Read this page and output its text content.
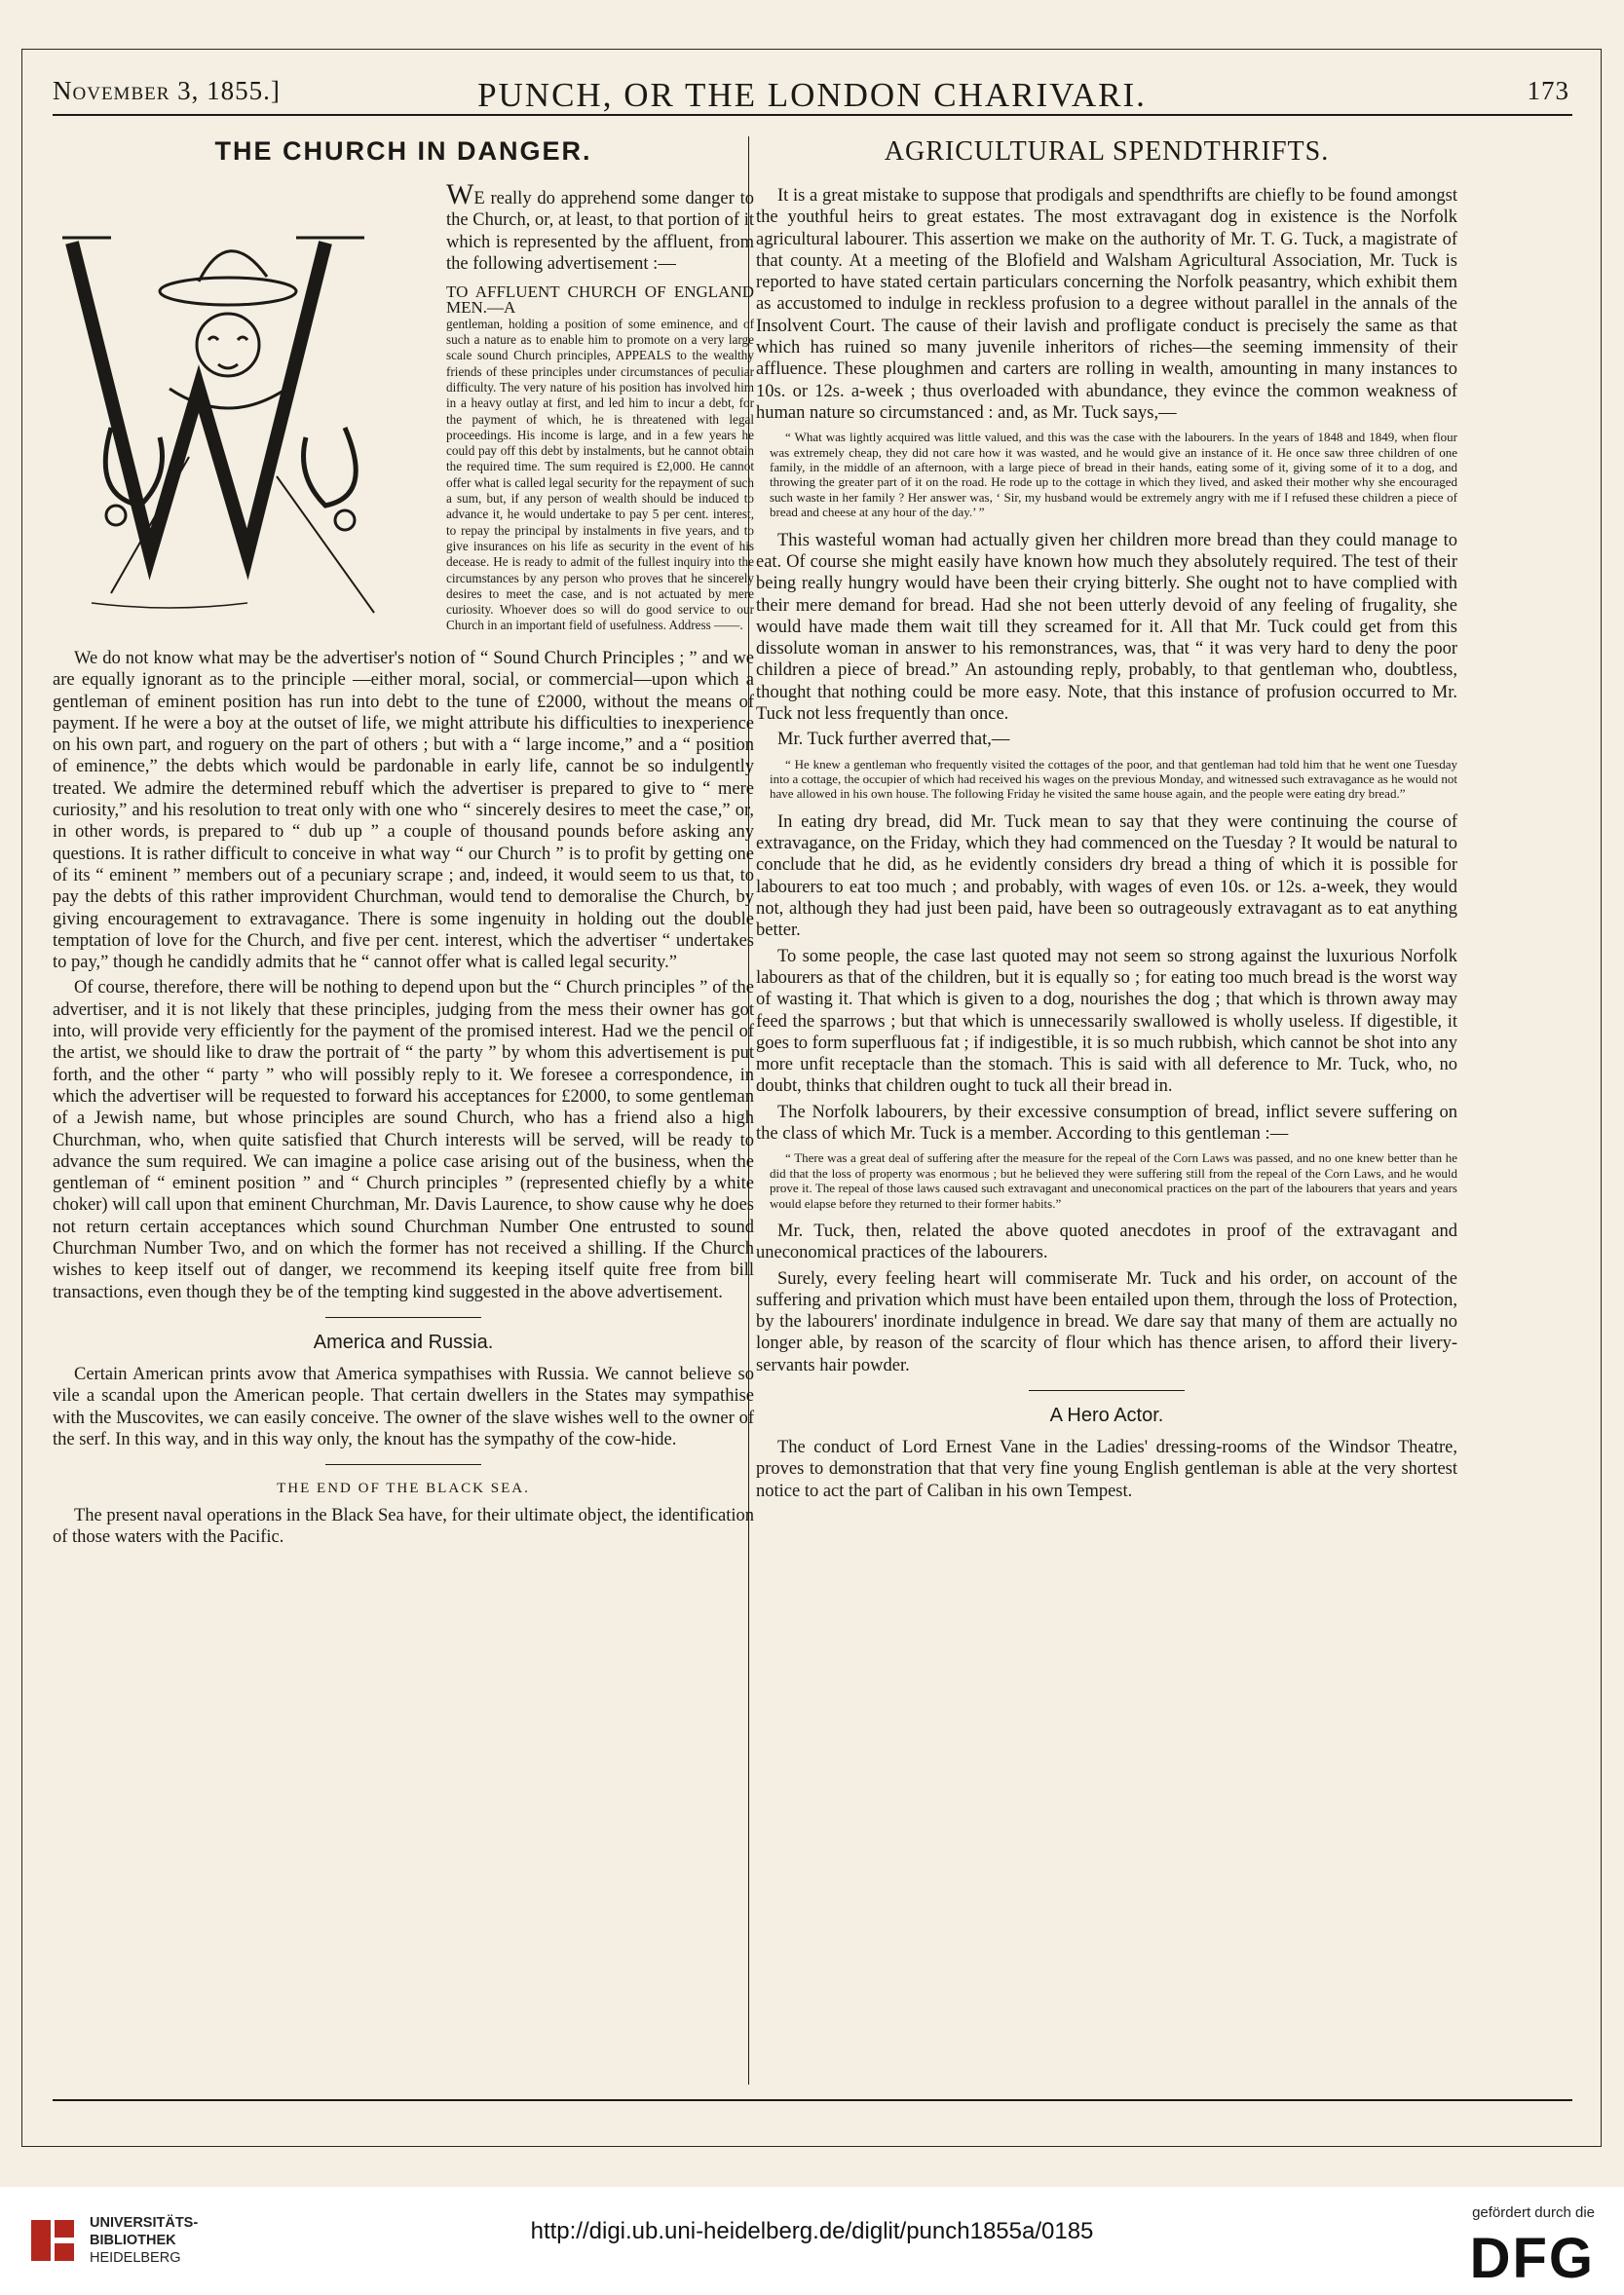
November 3, 1855.]	PUNCH, OR THE LONDON CHARIVARI.	173
THE CHURCH IN DANGER.

WE really do apprehend some danger to the Church, or, at least, to that portion of it which is represented by the affluent, from the following advertisement :—

TO AFFLUENT CHURCH OF ENGLAND MEN.—A

gentleman, holding a position of some eminence, and of such a nature as to enable him to promote on a very large scale sound Church principles, APPEALS to the wealthy friends of these principles under circumstances of peculiar difficulty. The very nature of his position has involved him in a heavy outlay at first, and led him to incur a debt, for the payment of which, he is threatened with legal proceedings. His income is large, and in a few years he could pay off this debt by instalments, but he cannot obtain the required time. The sum required is £2,000. He cannot offer what is called legal security for the repayment of such a sum, but, if any person of wealth should be induced to advance it, he would undertake to pay 5 per cent. interest, to repay the principal by instalments in five years, and to give insurances on his life as security in the event of his decease. He is ready to admit of the fullest inquiry into the circumstances by any person who proves that he sincerely desires to meet the case, and is not actuated by mere curiosity. Whoever does so will do good service to our Church in an important field of usefulness. Address ——.

We do not know what may be the advertiser's notion of “ Sound Church Principles ; ” and we are equally ignorant as to the principle —either moral, social, or commercial—upon which a gentleman of eminent position has run into debt to the tune of £2000, without the means of payment. If he were a boy at the outset of life, we might attribute his difficulties to inexperience on his own part, and roguery on the part of others ; but with a “ large income,” and a “ position of eminence,” the debts which would be pardonable in early life, cannot be so indulgently treated. We admire the determined rebuff which the advertiser is prepared to give to “ mere curiosity,” and his resolution to treat only with one who “ sincerely desires to meet the case,” or, in other words, is prepared to “ dub up ” a couple of thousand pounds before asking any questions. It is rather difficult to conceive in what way “ our Church ” is to profit by getting one of its “ eminent ” members out of a pecuniary scrape ; and, indeed, it would seem to us that, to pay the debts of this rather improvident Churchman, would tend to demoralise the Church, by giving encouragement to extravagance. There is some ingenuity in holding out the double temptation of love for the Church, and five per cent. interest, which the advertiser “ undertakes to pay,” though he candidly admits that he “ cannot offer what is called legal security.”

Of course, therefore, there will be nothing to depend upon but the “ Church principles ” of the advertiser, and it is not likely that these principles, judging from the mess their owner has got into, will provide very efficiently for the payment of the promised interest. Had we the pencil of the artist, we should like to draw the portrait of “ the party ” by whom this advertisement is put forth, and the other “ party ” who will possibly reply to it. We foresee a correspondence, in which the advertiser will be requested to forward his acceptances for £2000, to some gentleman of a Jewish name, but whose principles are sound Church, who has a friend also a high Churchman, who, when quite satisfied that Church interests will be served, will be ready to advance the sum required. We can imagine a police case arising out of the business, when the gentleman of “ eminent position ” and “ Church principles ” (represented chiefly by a white choker) will call upon that eminent Churchman, Mr. Davis Laurence, to show cause why he does not return certain acceptances which sound Churchman Number One entrusted to sound Churchman Number Two, and on which the former has not received a shilling. If the Church wishes to keep itself out of danger, we recommend its keeping itself quite free from bill transactions, even though they be of the tempting kind suggested in the above advertisement.

America and Russia.

Certain American prints avow that America sympathises with Russia. We cannot believe so vile a scandal upon the American people. That certain dwellers in the States may sympathise with the Muscovites, we can easily conceive. The owner of the slave wishes well to the owner of the serf. In this way, and in this way only, the knout has the sympathy of the cow-hide.

THE END OF THE BLACK SEA.

The present naval operations in the Black Sea have, for their ultimate object, the identification of those waters with the Pacific.

AGRICULTURAL SPENDTHRIFTS.

It is a great mistake to suppose that prodigals and spendthrifts are chiefly to be found amongst the youthful heirs to great estates. The most extravagant dog in existence is the Norfolk agricultural labourer. This assertion we make on the authority of Mr. T. G. Tuck, a magistrate of that county. At a meeting of the Blofield and Walsham Agricultural Association, Mr. Tuck is reported to have stated certain particulars concerning the Norfolk peasantry, which exhibit them as accustomed to indulge in reckless profusion to a degree without parallel in the annals of the Insolvent Court. The cause of their lavish and profligate conduct is precisely the same as that which has ruined so many juvenile inheritors of riches—the seeming immensity of their affluence. These ploughmen and carters are rolling in wealth, amounting in many instances to 10s. or 12s. a-week ; thus overloaded with abundance, they evince the common weakness of human nature so circumstanced : and, as Mr. Tuck says,—

“ What was lightly acquired was little valued, and this was the case with the labourers. In the years of 1848 and 1849, when flour was extremely cheap, they did not care how it was wasted, and he would give an instance of it. He once saw three children of one family, in the middle of an afternoon, with a large piece of bread in their hands, eating some of it, giving some of it to a dog, and throwing the greater part of it on the road. He rode up to the cottage in which they lived, and asked their mother why she encouraged such waste in her family ? Her answer was, ‘ Sir, my husband would be extremely angry with me if I refused these children a piece of bread and cheese at any hour of the day.’ ”

This wasteful woman had actually given her children more bread than they could manage to eat. Of course she might easily have known how much they absolutely required. The test of their being really hungry would have been their crying bitterly. She ought not to have complied with their mere demand for bread. Had she not been utterly devoid of any feeling of frugality, she would have made them wait till they screamed for it. All that Mr. Tuck could get from this dissolute woman in answer to his remonstrances, was, that “ it was very hard to deny the poor children a piece of bread.” An astounding reply, probably, to that gentleman who, doubtless, thought that nothing could be more easy. Note, that this instance of profusion occurred to Mr. Tuck not less frequently than once.

Mr. Tuck further averred that,—

“ He knew a gentleman who frequently visited the cottages of the poor, and that gentleman had told him that he went one Tuesday into a cottage, the occupier of which had received his wages on the previous Monday, and witnessed such extravagance as he would not have allowed in his own house. The following Friday he visited the same house again, and the people were eating dry bread.”

In eating dry bread, did Mr. Tuck mean to say that they were continuing the course of extravagance, on the Friday, which they had commenced on the Tuesday ? It would be natural to conclude that he did, as he evidently considers dry bread a thing of which it is possible for labourers to eat too much ; and probably, with wages of even 10s. or 12s. a-week, they would not, although they had just been paid, have been so outrageously extravagant as to eat anything better.

To some people, the case last quoted may not seem so strong against the luxurious Norfolk labourers as that of the children, but it is equally so ; for eating too much bread is the worst way of wasting it. That which is given to a dog, nourishes the dog ; that which is thrown away may feed the sparrows ; but that which is unnecessarily swallowed is wholly useless. If digestible, it goes to form superfluous fat ; if indigestible, it is so much rubbish, which cannot be shot into any more unfit receptacle than the stomach. This is said with all deference to Mr. Tuck, who, no doubt, thinks that children ought to tuck all their bread in.

The Norfolk labourers, by their excessive consumption of bread, inflict severe suffering on the class of which Mr. Tuck is a member. According to this gentleman :—

“ There was a great deal of suffering after the measure for the repeal of the Corn Laws was passed, and no one knew better than he did that the loss of property was enormous ; but he believed they were suffering still from the repeal of the Corn Laws, and he would prove it. The repeal of those laws caused such extravagant and uneconomical practices on the part of the labourers that years and years would elapse before they returned to their former habits.”

Mr. Tuck, then, related the above quoted anecdotes in proof of the extravagant and uneconomical practices of the labourers.

Surely, every feeling heart will commiserate Mr. Tuck and his order, on account of the suffering and privation which must have been entailed upon them, through the loss of Protection, by the labourers' inordinate indulgence in bread. We dare say that many of them are actually no longer able, by reason of the scarcity of flour which has thence arisen, to afford their livery-servants hair powder.

A Hero Actor.

The conduct of Lord Ernest Vane in the Ladies' dressing-rooms of the Windsor Theatre, proves to demonstration that that very fine young English gentleman is able at the very shortest notice to act the part of Caliban in his own Tempest.

UNIVERSITÄTS-
BIBLIOTHEK
HEIDELBERG
http://digi.ub.uni-heidelberg.de/diglit/punch1855a/0185
gefördert durch die
DFG
